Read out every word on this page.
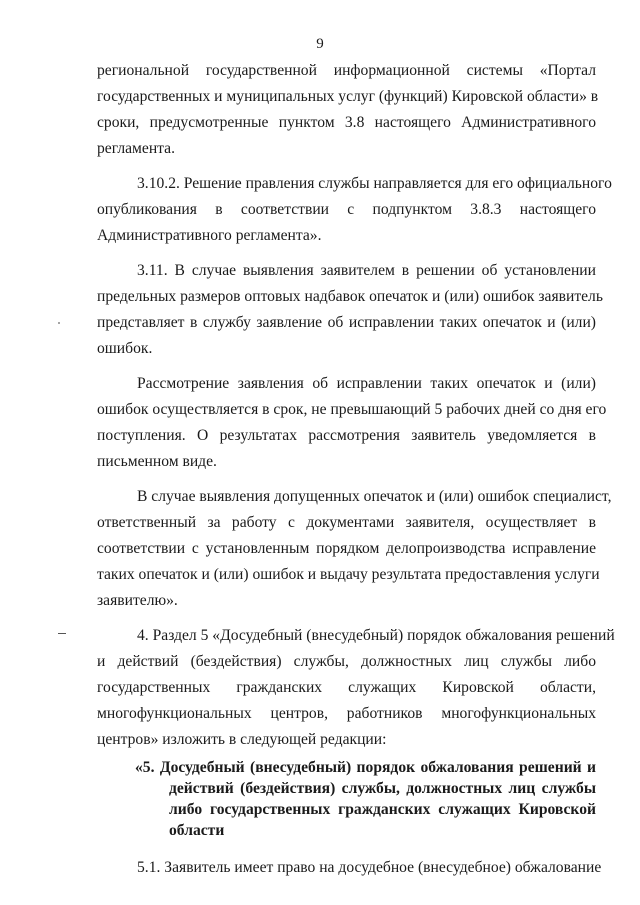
9
региональной государственной информационной системы «Портал
государственных и муниципальных услуг (функций) Кировской области» в
сроки, предусмотренные пунктом 3.8 настоящего Административного
регламента.
3.10.2. Решение правления службы направляется для его официального
опубликования в соответствии с подпунктом 3.8.3 настоящего
Административного регламента».
3.11. В случае выявления заявителем в решении об установлении
предельных размеров оптовых надбавок опечаток и (или) ошибок заявитель
представляет в службу заявление об исправлении таких опечаток и (или)
ошибок.
Рассмотрение заявления об исправлении таких опечаток и (или)
ошибок осуществляется в срок, не превышающий 5 рабочих дней со дня его
поступления. О результатах рассмотрения заявитель уведомляется в
письменном виде.
В случае выявления допущенных опечаток и (или) ошибок специалист,
ответственный за работу с документами заявителя, осуществляет в
соответствии с установленным порядком делопроизводства исправление
таких опечаток и (или) ошибок и выдачу результата предоставления услуги
заявителю».
4. Раздел 5 «Досудебный (внесудебный) порядок обжалования решений
и действий (бездействия) службы, должностных лиц службы либо
государственных гражданских служащих Кировской области,
многофункциональных центров, работников многофункциональных
центров» изложить в следующей редакции:
«5. Досудебный (внесудебный) порядок обжалования решений и
действий (бездействия) службы, должностных лиц службы
либо государственных гражданских служащих Кировской
области
5.1. Заявитель имеет право на досудебное (внесудебное) обжалование
